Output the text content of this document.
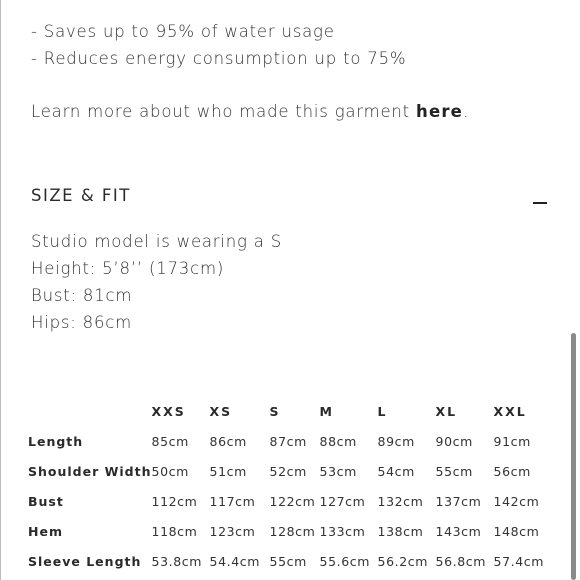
- Saves up to 95% of water usage
- Reduces energy consumption up to 75%
Learn more about who made this garment here.
SIZE & FIT
Studio model is wearing a S
Height: 5’8’’ (173cm)
Bust: 81cm
Hips: 86cm
	XXS	XS	S	M	L	XL	XXL
Length	85cm	86cm	87cm	88cm	89cm	90cm	91cm
Shoulder Width	50cm	51cm	52cm	53cm	54cm	55cm	56cm
Bust	112cm	117cm	122cm	127cm	132cm	137cm	142cm
Hem	118cm	123cm	128cm	133cm	138cm	143cm	148cm
Sleeve Length	53.8cm	54.4cm	55cm	55.6cm	56.2cm	56.8cm	57.4cm
